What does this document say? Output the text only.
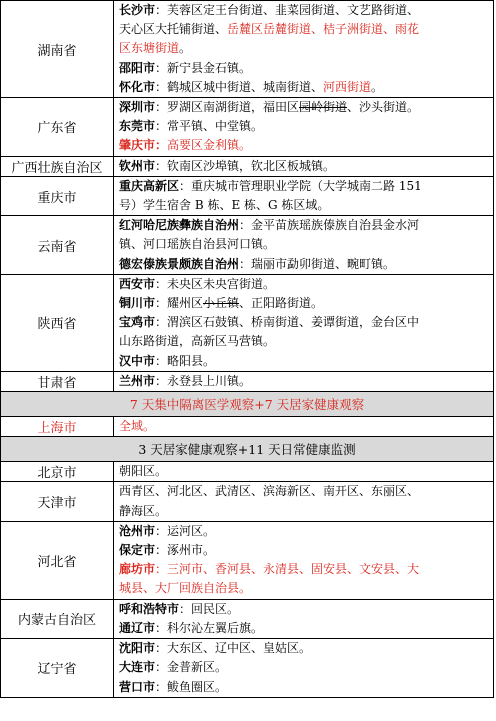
湖南省	长沙市：芙蓉区定王台街道、韭菜园街道、文艺路街道、
天心区大托铺街道、岳麓区岳麓街道、桔子洲街道、雨花
区东塘街道。
邵阳市：新宁县金石镇。
怀化市：鹤城区城中街道、城南街道、河西街道。

广东省	深圳市：罗湖区南湖街道，福田区园岭街道、沙头街道。
东莞市：常平镇、中堂镇。
肇庆市：高要区金利镇。

广西壮族自治区	钦州市：钦南区沙埠镇，钦北区板城镇。

重庆市	重庆高新区：重庆城市管理职业学院（大学城南二路 151
号）学生宿舍 B 栋、E 栋、G 栋区域。

云南省	红河哈尼族彝族自治州：金平苗族瑶族傣族自治县金水河
镇、河口瑶族自治县河口镇。
德宏傣族景颇族自治州：瑞丽市勐卯街道、畹町镇。

陕西省	西安市：未央区未央宫街道。
铜川市：耀州区小丘镇、正阳路街道。
宝鸡市：渭滨区石鼓镇、桥南街道、姜谭街道，金台区中
山东路街道，高新区马营镇。
汉中市：略阳县。

甘肃省	兰州市：永登县上川镇。

7 天集中隔离医学观察+7 天居家健康观察	
上海市	全域。
3 天居家健康观察+11 天日常健康监测	
北京市	朝阳区。

天津市	西青区、河北区、武清区、滨海新区、南开区、东丽区、
静海区。

河北省	沧州市：运河区。
保定市：涿州市。
廊坊市：三河市、香河县、永清县、固安县、文安县、大
城县、大厂回族自治县。

内蒙古自治区	呼和浩特市：回民区。
通辽市：科尔沁左翼后旗。

辽宁省	沈阳市：大东区、辽中区、皇姑区。
大连市：金普新区。
营口市：鲅鱼圈区。
